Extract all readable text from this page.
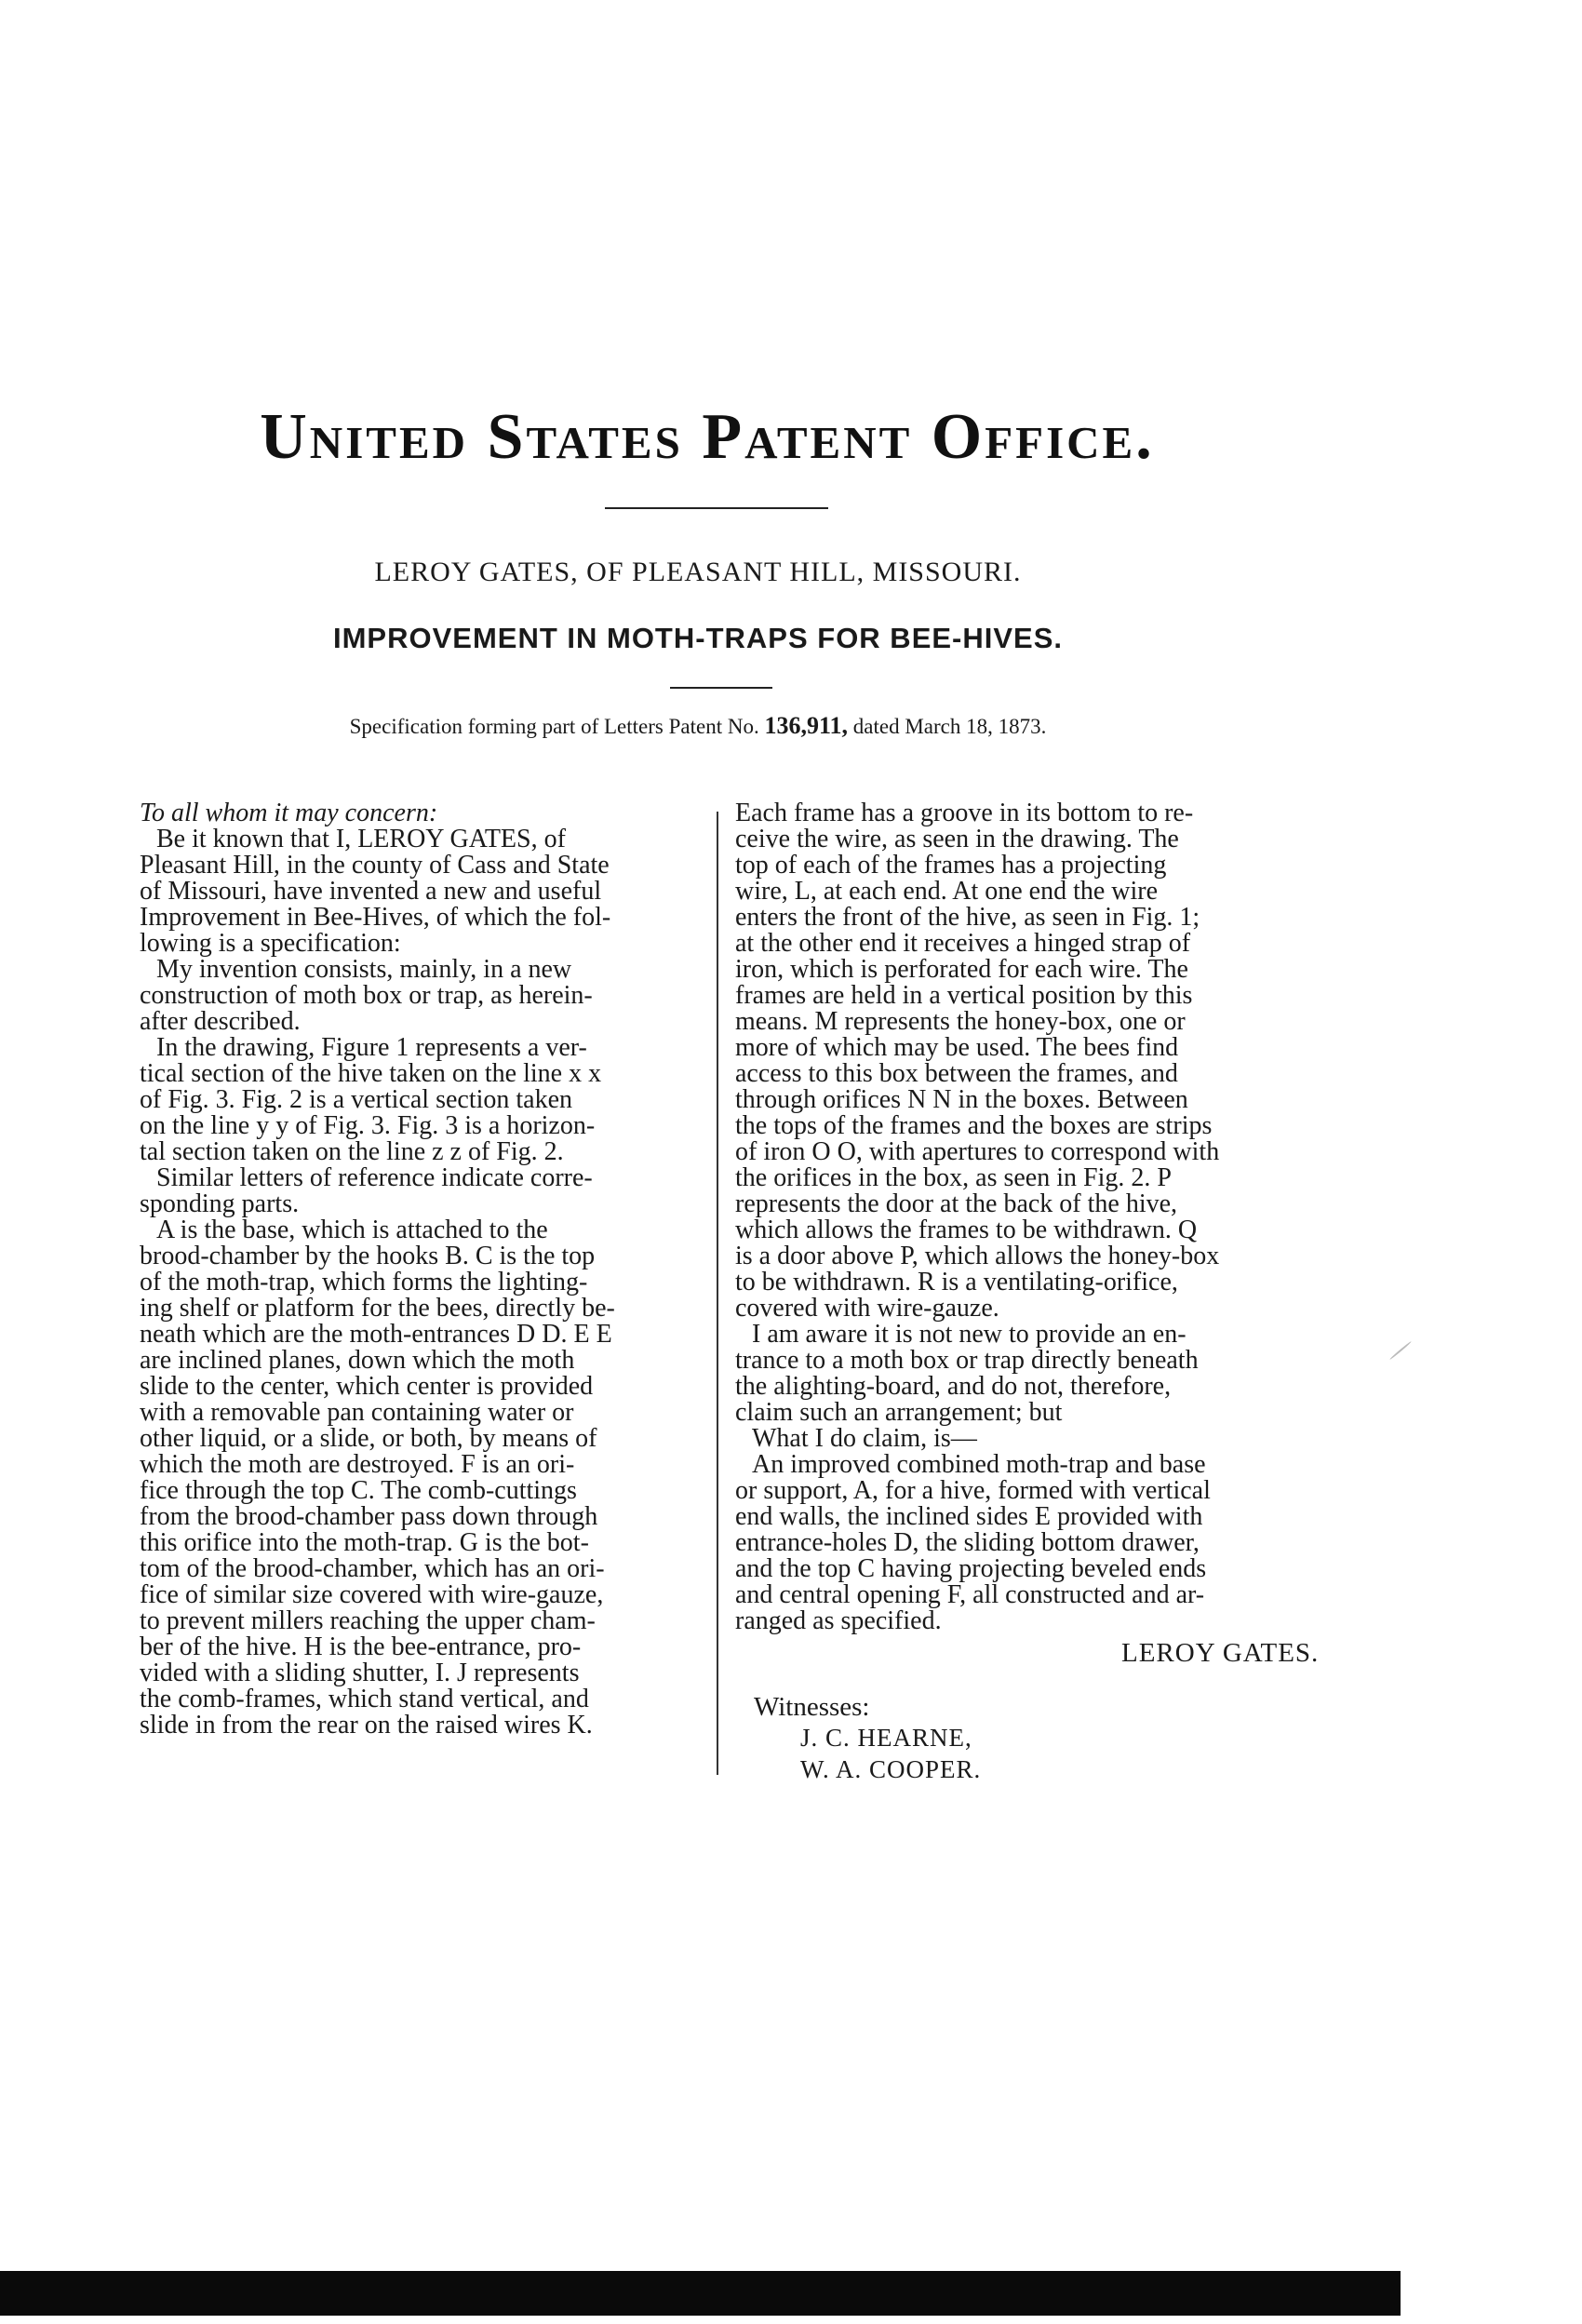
United States Patent Office.
LEROY GATES, OF PLEASANT HILL, MISSOURI.
IMPROVEMENT IN MOTH-TRAPS FOR BEE-HIVES.
Specification forming part of Letters Patent No. 136,911, dated March 18, 1873.
To all whom it may concern:
Be it known that I, LEROY GATES, of
Pleasant Hill, in the county of Cass and State
of Missouri, have invented a new and useful
Improvement in Bee-Hives, of which the fol-
lowing is a specification:
My invention consists, mainly, in a new
construction of moth box or trap, as herein-
after described.
In the drawing, Figure 1 represents a ver-
tical section of the hive taken on the line x x
of Fig. 3. Fig. 2 is a vertical section taken
on the line y y of Fig. 3. Fig. 3 is a horizon-
tal section taken on the line z z of Fig. 2.
Similar letters of reference indicate corre-
sponding parts.
A is the base, which is attached to the
brood-chamber by the hooks B. C is the top
of the moth-trap, which forms the lighting-
ing shelf or platform for the bees, directly be-
neath which are the moth-entrances D D. E E
are inclined planes, down which the moth
slide to the center, which center is provided
with a removable pan containing water or
other liquid, or a slide, or both, by means of
which the moth are destroyed. F is an ori-
fice through the top C. The comb-cuttings
from the brood-chamber pass down through
this orifice into the moth-trap. G is the bot-
tom of the brood-chamber, which has an ori-
fice of similar size covered with wire-gauze,
to prevent millers reaching the upper cham-
ber of the hive. H is the bee-entrance, pro-
vided with a sliding shutter, I. J represents
the comb-frames, which stand vertical, and
slide in from the rear on the raised wires K.
Each frame has a groove in its bottom to re-
ceive the wire, as seen in the drawing. The
top of each of the frames has a projecting
wire, L, at each end. At one end the wire
enters the front of the hive, as seen in Fig. 1;
at the other end it receives a hinged strap of
iron, which is perforated for each wire. The
frames are held in a vertical position by this
means. M represents the honey-box, one or
more of which may be used. The bees find
access to this box between the frames, and
through orifices N N in the boxes. Between
the tops of the frames and the boxes are strips
of iron O O, with apertures to correspond with
the orifices in the box, as seen in Fig. 2. P
represents the door at the back of the hive,
which allows the frames to be withdrawn. Q
is a door above P, which allows the honey-box
to be withdrawn. R is a ventilating-orifice,
covered with wire-gauze.
I am aware it is not new to provide an en-
trance to a moth box or trap directly beneath
the alighting-board, and do not, therefore,
claim such an arrangement; but
What I do claim, is—
An improved combined moth-trap and base
or support, A, for a hive, formed with vertical
end walls, the inclined sides E provided with
entrance-holes D, the sliding bottom drawer,
and the top C having projecting beveled ends
and central opening F, all constructed and ar-
ranged as specified.
LEROY GATES.
Witnesses:
J. C. HEARNE,
W. A. COOPER.
